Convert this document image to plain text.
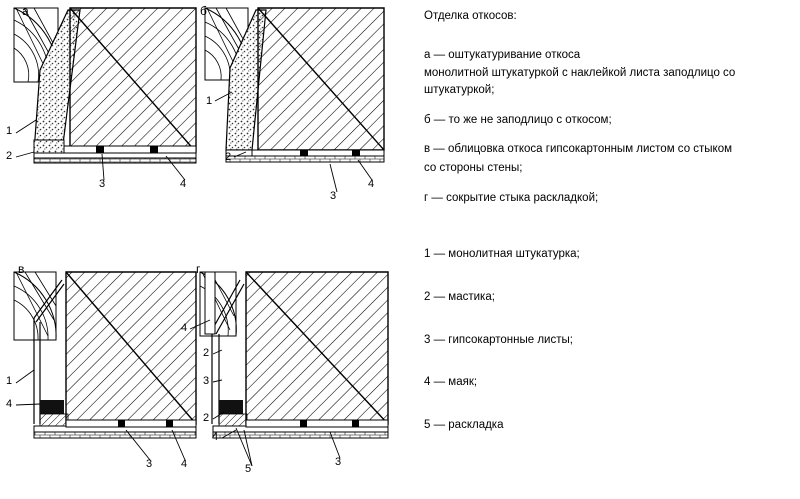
а	б
в	г
1
2
3	4
1
2
3
4
1
4
3	4
4
2
3
2
4
5
3

Отделка откосов:

а — оштукатуривание откоса

монолитной штукатуркой с наклейкой листа заподлицо со штукатуркой;

б — то же не заподлицо с откосом;

в — облицовка откоса гипсокартонным листом со стыком

со стороны стены;

г — сокрытие стыка раскладкой;

1 — монолитная штукатурка;

2 — мастика;

3 — гипсокартонные листы;

4 — маяк;

5 — раскладка
